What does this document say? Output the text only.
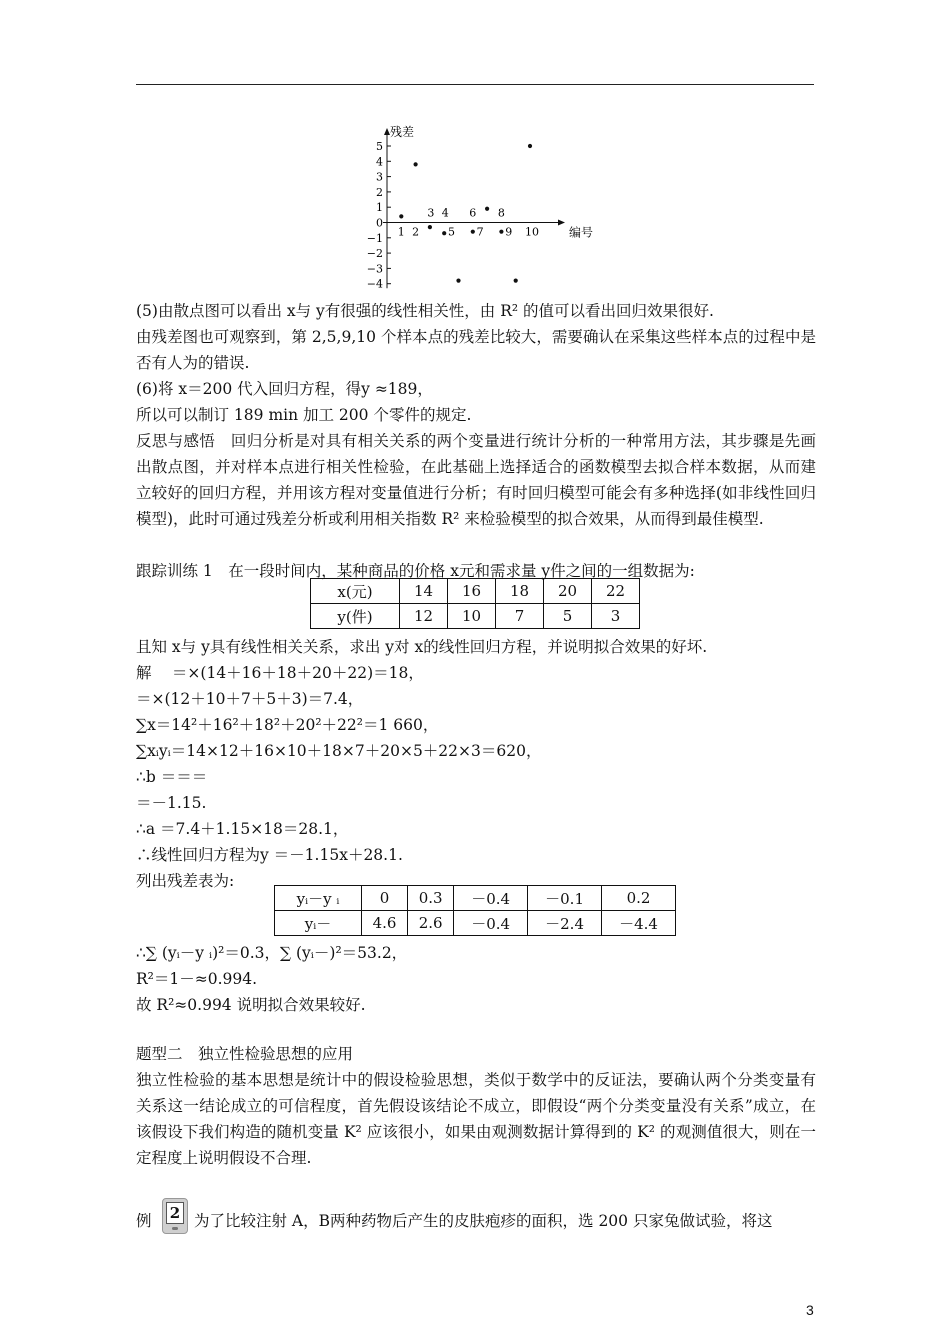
残差
编号
5
4
3
2
1
0
−1
−2
−3
−4
1 2
3 4
5
6
7
8
9 10
(5)由散点图可以看出 x与 y有很强的线性相关性，由 R² 的值可以看出回归效果很好.
由残差图也可观察到，第 2,5,9,10 个样本点的残差比较大，需要确认在采集这些样本点的过程中是否有人为的错误.
(6)将 x＝200 代入回归方程，得y ≈189，
所以可以制订 189 min 加工 200 个零件的规定.
反思与感悟　回归分析是对具有相关关系的两个变量进行统计分析的一种常用方法，其步骤是先画出散点图，并对样本点进行相关性检验，在此基础上选择适合的函数模型去拟合样本数据，从而建立较好的回归方程，并用该方程对变量值进行分析；有时回归模型可能会有多种选择(如非线性回归模型)，此时可通过残差分析或利用相关指数 R² 来检验模型的拟合效果，从而得到最佳模型.
跟踪训练 1　在一段时间内，某种商品的价格 x元和需求量 y件之间的一组数据为:
x(元)	14	16	18	20	22
y(件)	12	10	7	5	3
且知 x与 y具有线性相关关系，求出 y对 x的线性回归方程，并说明拟合效果的好坏.
解　 ＝×(14＋16＋18＋20＋22)＝18，
＝×(12＋10＋7＋5＋3)＝7.4，
∑x＝14²＋16²＋18²＋20²＋22²＝1 660，
∑xᵢyᵢ＝14×12＋16×10＋18×7＋20×5＋22×3＝620，
∴b ＝＝＝
＝－1.15.
∴a ＝7.4＋1.15×18＝28.1，
∴线性回归方程为y ＝－1.15x＋28.1.
列出残差表为:
yᵢ－y ᵢ	0	0.3	－0.4	－0.1	0.2
yᵢ－	4.6	2.6	－0.4	－2.4	－4.4
∴∑ (yᵢ－y ᵢ)²＝0.3，∑ (yᵢ－)²＝53.2，
R²＝1－≈0.994.
故 R²≈0.994 说明拟合效果较好.
题型二　独立性检验思想的应用
独立性检验的基本思想是统计中的假设检验思想，类似于数学中的反证法，要确认两个分类变量有关系这一结论成立的可信程度，首先假设该结论不成立，即假设“两个分类变量没有关系”成立，在该假设下我们构造的随机变量 K² 应该很小，如果由观测数据计算得到的 K² 的观测值很大，则在一定程度上说明假设不合理.
例	2 为了比较注射 A，B两种药物后产生的皮肤疱疹的面积，选 200 只家兔做试验，将这
3
